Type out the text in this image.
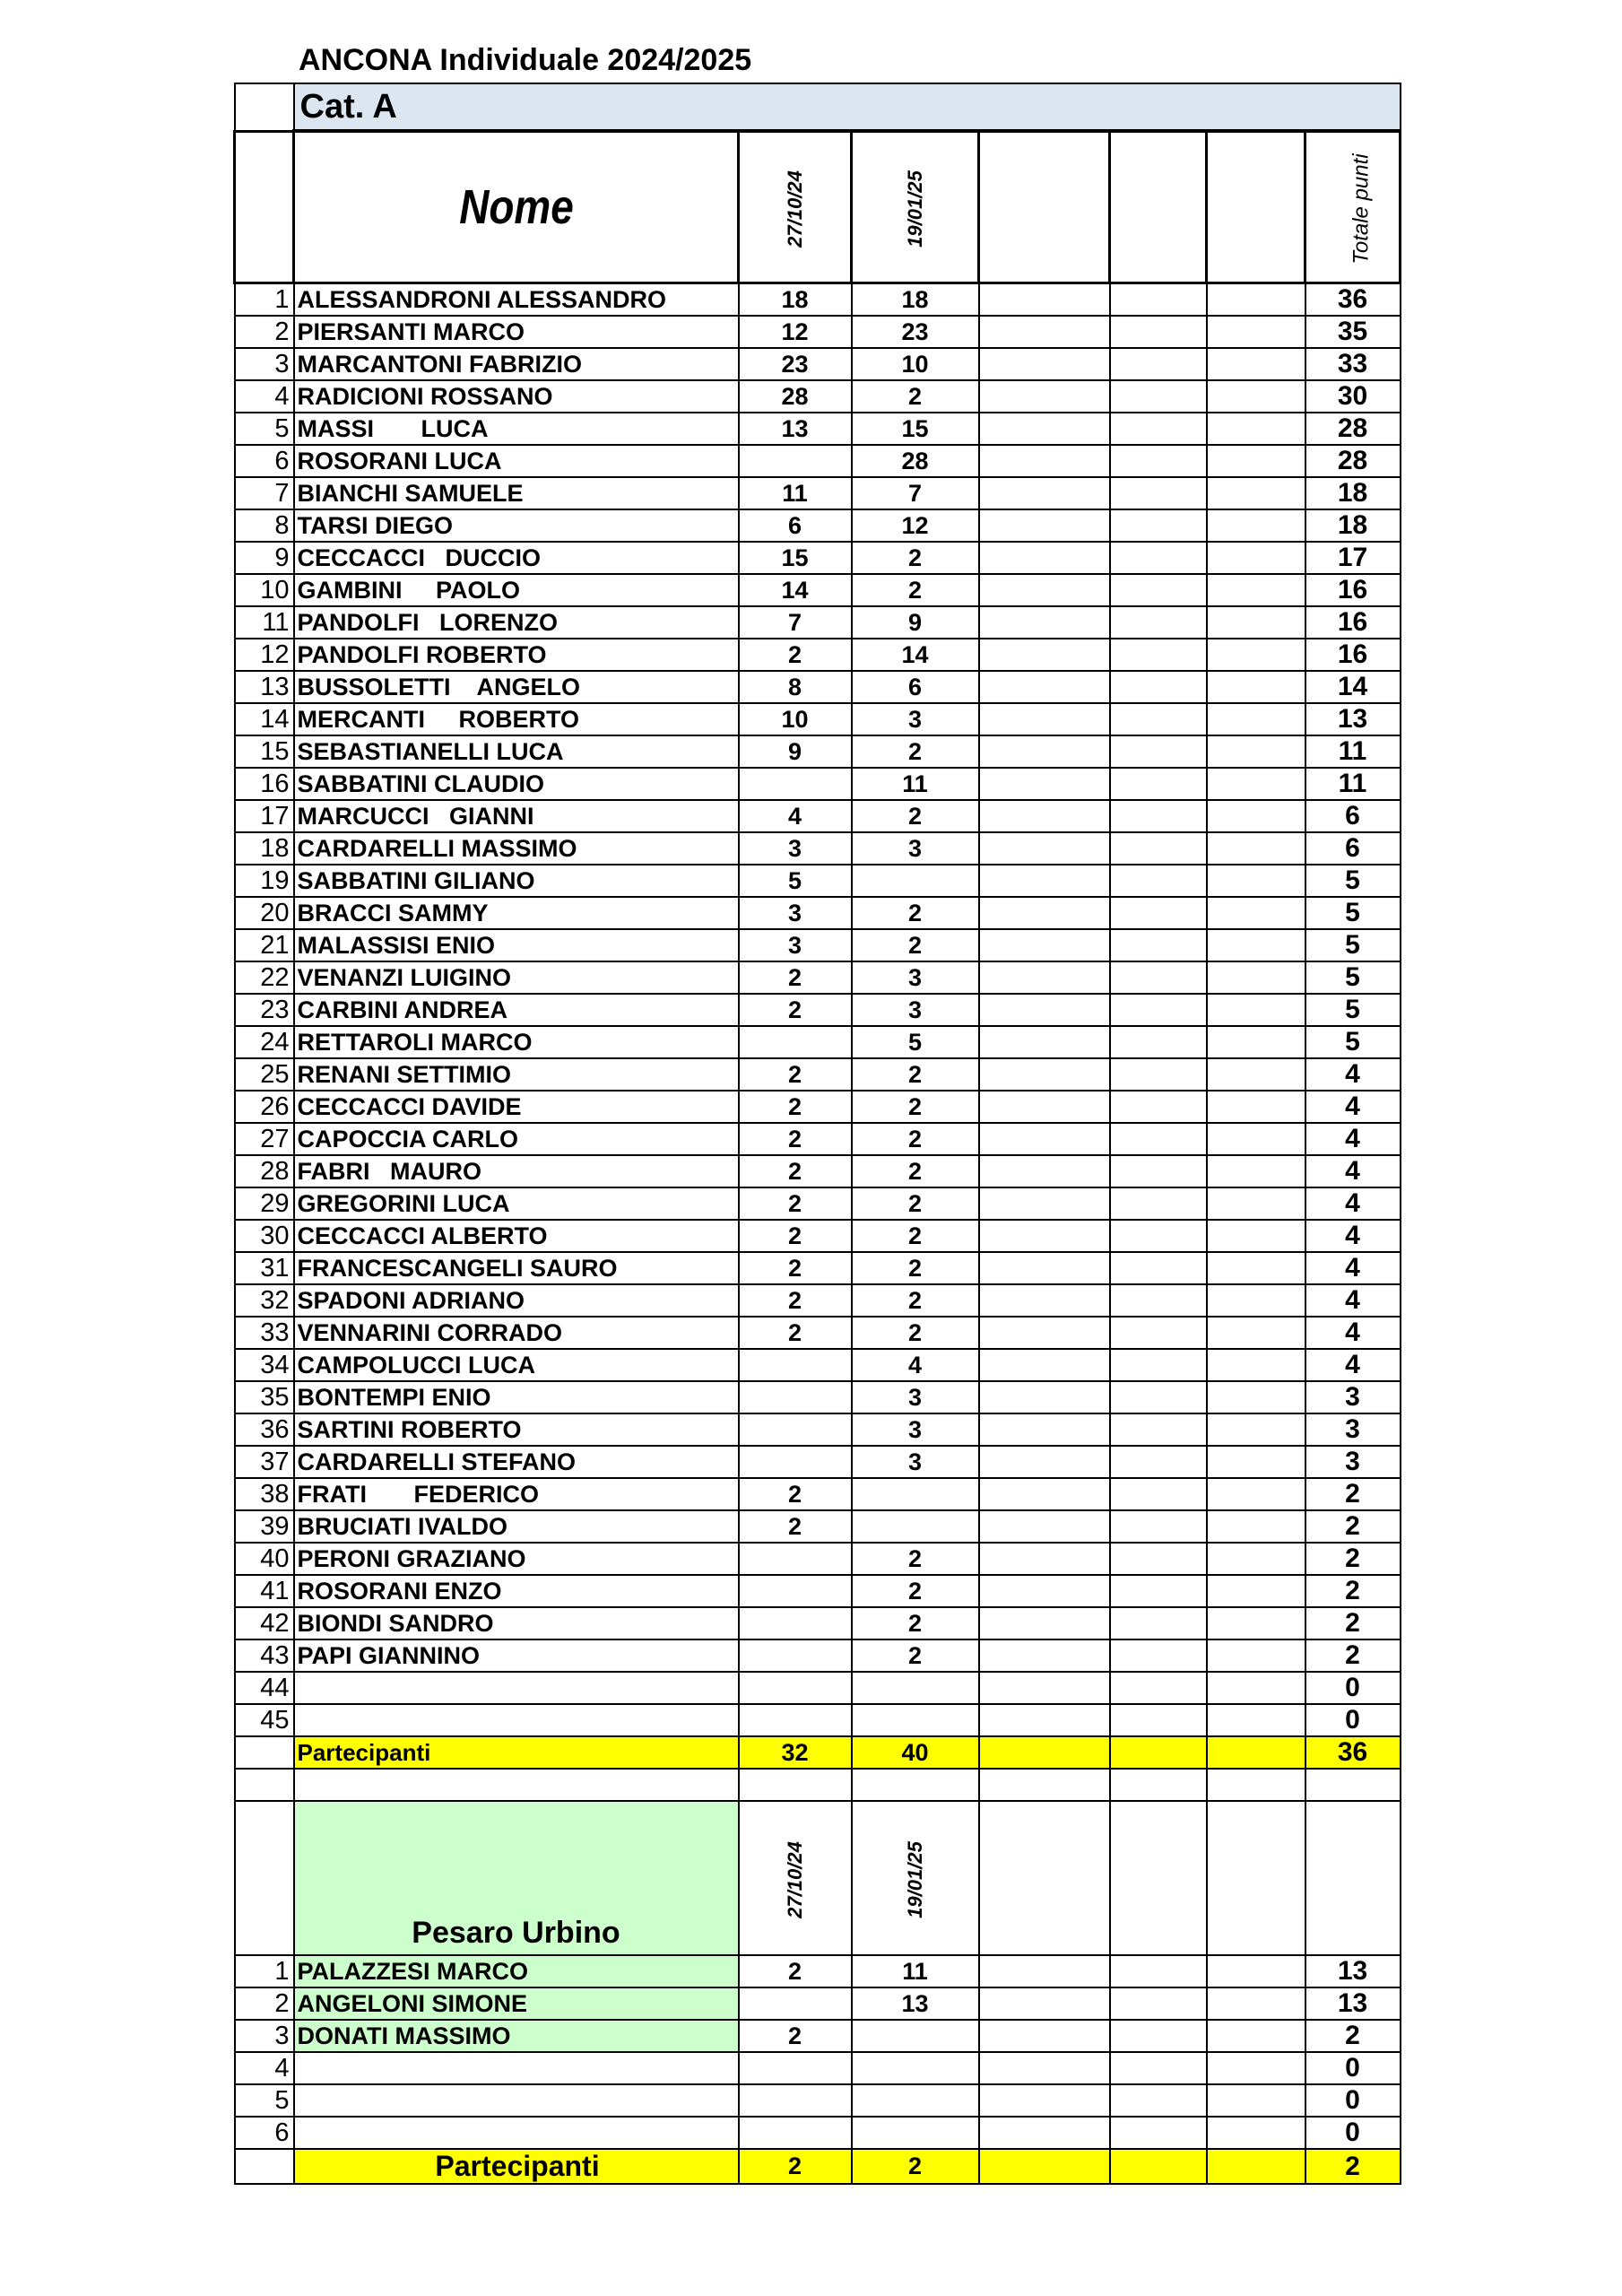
ANCONA Individuale 2024/2025
	Cat. A						
	Nome	27/10/24	19/01/25				Totale punti
1	ALESSANDRONI ALESSANDRO	18	18				36
2	PIERSANTI MARCO	12	23				35
3	MARCANTONI FABRIZIO	23	10				33
4	RADICIONI ROSSANO	28	2				30
5	MASSI       LUCA	13	15				28
6	ROSORANI LUCA		28				28
7	BIANCHI SAMUELE	11	7				18
8	TARSI DIEGO	6	12				18
9	CECCACCI   DUCCIO	15	2				17
10	GAMBINI     PAOLO	14	2				16
11	PANDOLFI   LORENZO	7	9				16
12	PANDOLFI ROBERTO	2	14				16
13	BUSSOLETTI    ANGELO	8	6				14
14	MERCANTI     ROBERTO	10	3				13
15	SEBASTIANELLI LUCA	9	2				11
16	SABBATINI CLAUDIO		11				11
17	MARCUCCI   GIANNI	4	2				6
18	CARDARELLI MASSIMO	3	3				6
19	SABBATINI GILIANO	5					5
20	BRACCI SAMMY	3	2				5
21	MALASSISI ENIO	3	2				5
22	VENANZI LUIGINO	2	3				5
23	CARBINI ANDREA	2	3				5
24	RETTAROLI MARCO		5				5
25	RENANI SETTIMIO	2	2				4
26	CECCACCI DAVIDE	2	2				4
27	CAPOCCIA CARLO	2	2				4
28	FABRI   MAURO	2	2				4
29	GREGORINI LUCA	2	2				4
30	CECCACCI ALBERTO	2	2				4
31	FRANCESCANGELI SAURO	2	2				4
32	SPADONI ADRIANO	2	2				4
33	VENNARINI CORRADO	2	2				4
34	CAMPOLUCCI LUCA		4				4
35	BONTEMPI ENIO		3				3
36	SARTINI ROBERTO		3				3
37	CARDARELLI STEFANO		3				3
38	FRATI       FEDERICO	2					2
39	BRUCIATI IVALDO	2					2
40	PERONI GRAZIANO		2				2
41	ROSORANI ENZO		2				2
42	BIONDI SANDRO		2				2
43	PAPI GIANNINO		2				2
44							0
45							0
	Partecipanti	32	40				36

	Pesaro Urbino	27/10/24	19/01/25				
1	PALAZZESI MARCO	2	11				13
2	ANGELONI SIMONE		13				13
3	DONATI MASSIMO	2					2
4							0
5							0
6							0
	Partecipanti	2	2				2
